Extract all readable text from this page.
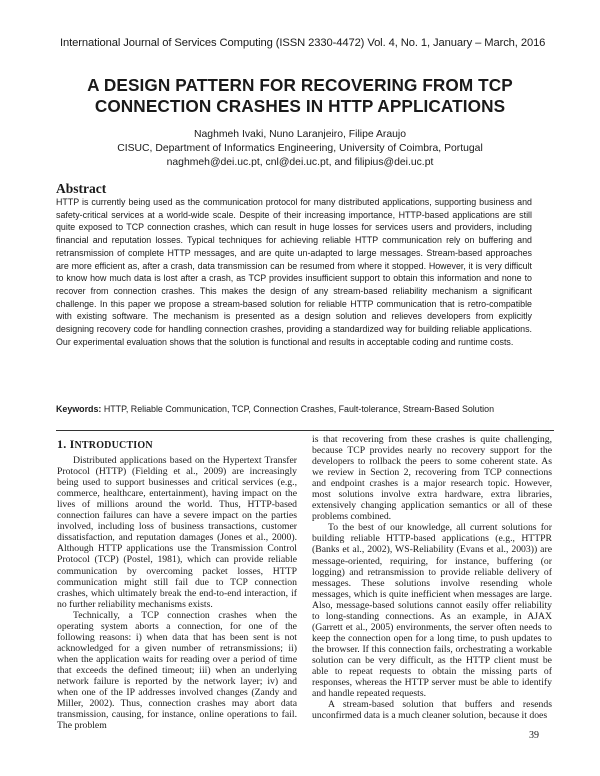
International Journal of Services Computing (ISSN 2330-4472) Vol. 4, No. 1, January – March, 2016
A DESIGN PATTERN FOR RECOVERING FROM TCP
CONNECTION CRASHES IN HTTP APPLICATIONS
Naghmeh Ivaki, Nuno Laranjeiro, Filipe Araujo
CISUC, Department of Informatics Engineering, University of Coimbra, Portugal
naghmeh@dei.uc.pt, cnl@dei.uc.pt, and filipius@dei.uc.pt
Abstract

HTTP is currently being used as the communication protocol for many distributed applications, supporting business and safety-critical services at a world-wide scale. Despite of their increasing importance, HTTP-based applications are still quite exposed to TCP connection crashes, which can result in huge losses for services users and providers, including financial and reputation losses. Typical techniques for achieving reliable HTTP communication rely on buffering and retransmission of complete HTTP messages, and are quite un-adapted to large messages. Stream-based approaches are more efficient as, after a crash, data transmission can be resumed from where it stopped. However, it is very difficult to know how much data is lost after a crash, as TCP provides insufficient support to obtain this information and none to recover from connection crashes. This makes the design of any stream-based reliability mechanism a significant challenge. In this paper we propose a stream-based solution for reliable HTTP communication that is retro-compatible with existing software. The mechanism is presented as a design solution and relieves developers from explicitly designing recovery code for handling connection crashes, providing a standardized way for building reliable applications. Our experimental evaluation shows that the solution is functional and results in acceptable coding and runtime costs.

Keywords: HTTP, Reliable Communication, TCP, Connection Crashes, Fault-tolerance, Stream-Based Solution
1. INTRODUCTION

Distributed applications based on the Hypertext Transfer Protocol (HTTP) (Fielding et al., 2009) are increasingly being used to support businesses and critical services (e.g., commerce, healthcare, entertainment), having impact on the lives of millions around the world. Thus, HTTP-based connection failures can have a severe impact on the parties involved, including loss of business transactions, customer dissatisfaction, and reputation damages (Jones et al., 2000). Although HTTP applications use the Transmission Control Protocol (TCP) (Postel, 1981), which can provide reliable communication by overcoming packet losses, HTTP communication might still fail due to TCP connection crashes, which ultimately break the end-to-end interaction, if no further reliability mechanisms exists.

Technically, a TCP connection crashes when the operating system aborts a connection, for one of the following reasons: i) when data that has been sent is not acknowledged for a given number of retransmissions; ii) when the application waits for reading over a period of time that exceeds the defined timeout; iii) when an underlying network failure is reported by the network layer; iv) and when one of the IP addresses involved changes (Zandy and Miller, 2002). Thus, connection crashes may abort data transmission, causing, for instance, online operations to fail. The problem

is that recovering from these crashes is quite challenging, because TCP provides nearly no recovery support for the developers to rollback the peers to some coherent state. As we review in Section 2, recovering from TCP connections and endpoint crashes is a major research topic. However, most solutions involve extra hardware, extra libraries, extensively changing application semantics or all of these problems combined.

To the best of our knowledge, all current solutions for building reliable HTTP-based applications (e.g., HTTPR (Banks et al., 2002), WS-Reliability (Evans et al., 2003)) are message-oriented, requiring, for instance, buffering (or logging) and retransmission to provide reliable delivery of messages. These solutions involve resending whole messages, which is quite inefficient when messages are large. Also, message-based solutions cannot easily offer reliability to long-standing connections. As an example, in AJAX (Garrett et al., 2005) environments, the server often needs to keep the connection open for a long time, to push updates to the browser. If this connection fails, orchestrating a workable solution can be very difficult, as the HTTP client must be able to repeat requests to obtain the missing parts of responses, whereas the HTTP server must be able to identify and handle repeated requests.

A stream-based solution that buffers and resends unconfirmed data is a much cleaner solution, because it does

39
